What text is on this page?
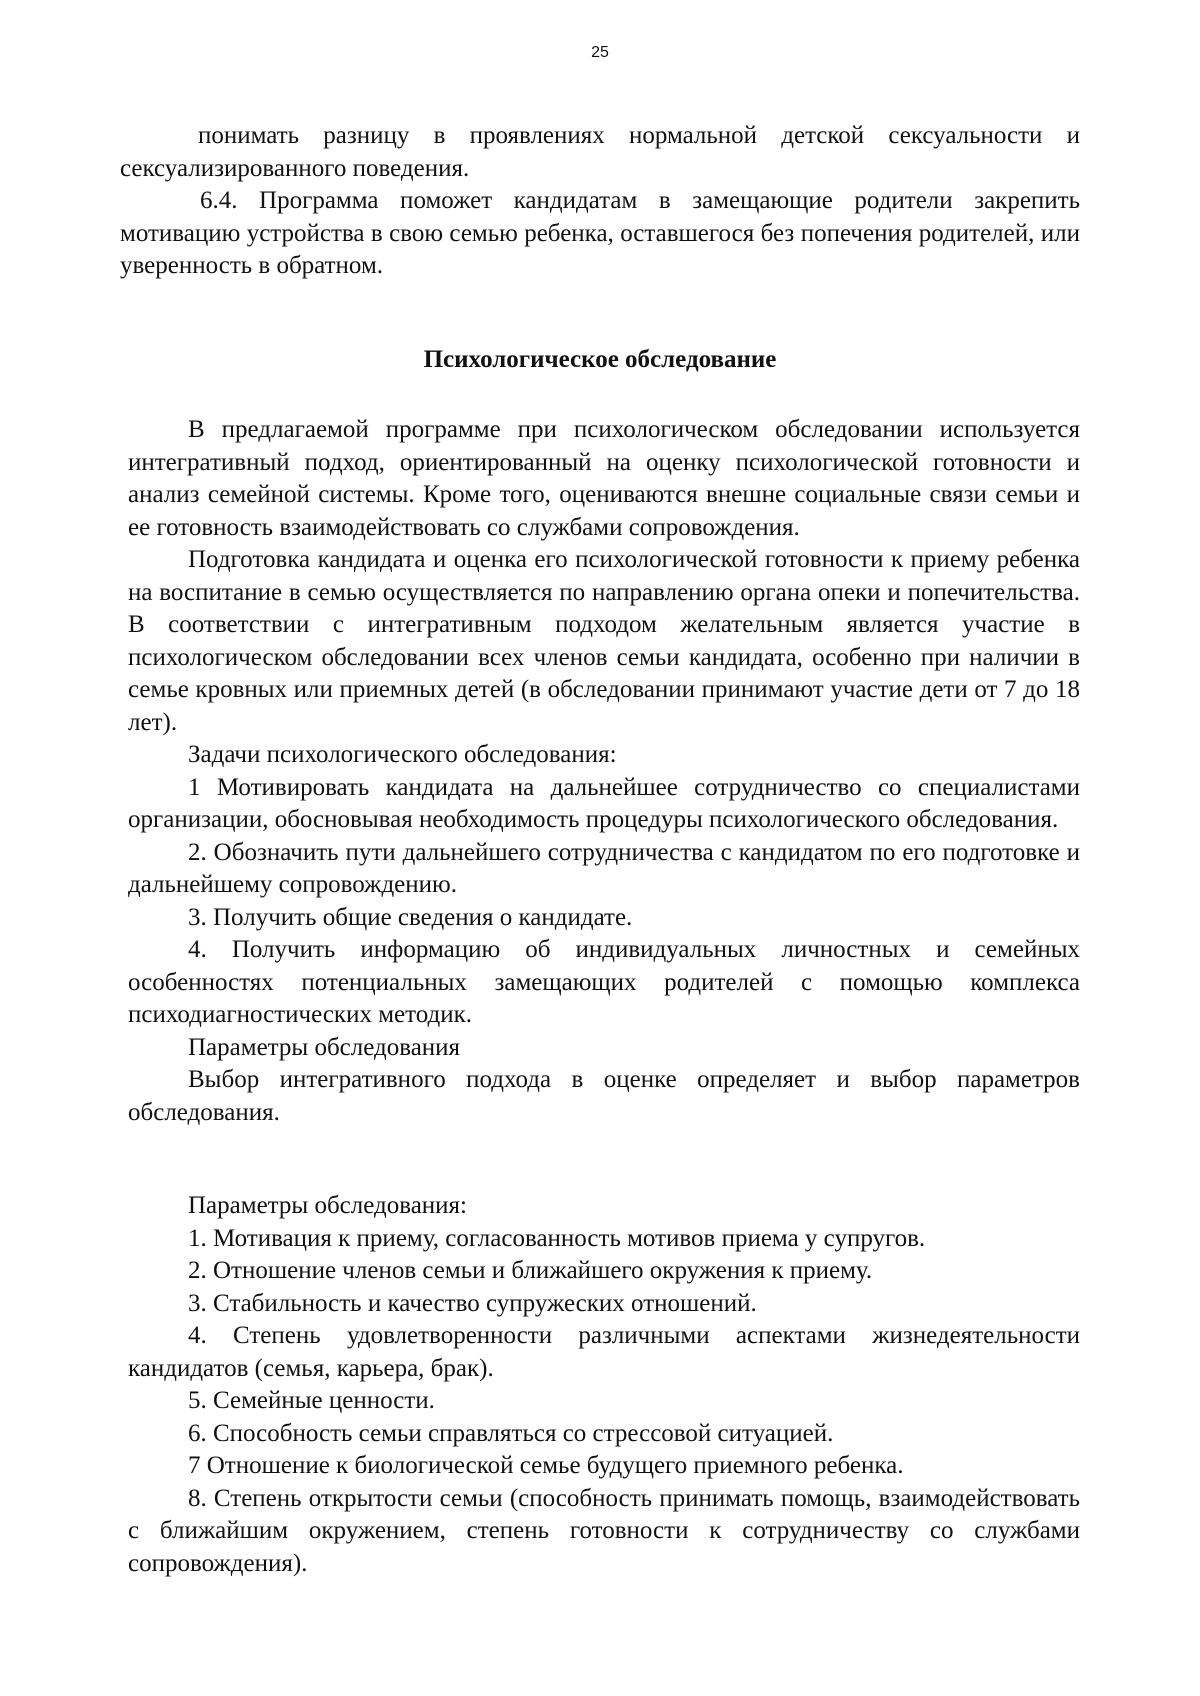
25

понимать разницу в проявлениях нормальной детской сексуальности и сексуализированного поведения.

6.4. Программа поможет кандидатам в замещающие родители закрепить мотивацию устройства в свою семью ребенка, оставшегося без попечения родителей, или уверенность в обратном.

Психологическое обследование

В предлагаемой программе при психологическом обследовании используется интегративный подход, ориентированный на оценку психологической готовности и анализ семейной системы. Кроме того, оцениваются внешне социальные связи семьи и ее готовность взаимодействовать со службами сопровождения.

Подготовка кандидата и оценка его психологической готовности к приему ребенка на воспитание в семью осуществляется по направлению органа опеки и попечительства. В соответствии с интегративным подходом желательным является участие в психологическом обследовании всех членов семьи кандидата, особенно при наличии в семье кровных или приемных детей (в обследовании принимают участие дети от 7 до 18 лет).

Задачи психологического обследования:

1 Мотивировать кандидата на дальнейшее сотрудничество со специалистами организации, обосновывая необходимость процедуры психологического обследования.

2. Обозначить пути дальнейшего сотрудничества с кандидатом по его подготовке и дальнейшему сопровождению.

3. Получить общие сведения о кандидате.

4. Получить информацию об индивидуальных личностных и семейных особенностях потенциальных замещающих родителей с помощью комплекса психодиагностических методик.

Параметры обследования

Выбор интегративного подхода в оценке определяет и выбор параметров обследования.

Параметры обследования:

1. Мотивация к приему, согласованность мотивов приема у супругов.

2. Отношение членов семьи и ближайшего окружения к приему.

3. Стабильность и качество супружеских отношений.

4. Степень удовлетворенности различными аспектами жизнедеятельности кандидатов (семья, карьера, брак).

5. Семейные ценности.

6. Способность семьи справляться со стрессовой ситуацией.

7 Отношение к биологической семье будущего приемного ребенка.

8. Степень открытости семьи (способность принимать помощь, взаимодействовать с ближайшим окружением, степень готовности к сотрудничеству со службами сопровождения).
